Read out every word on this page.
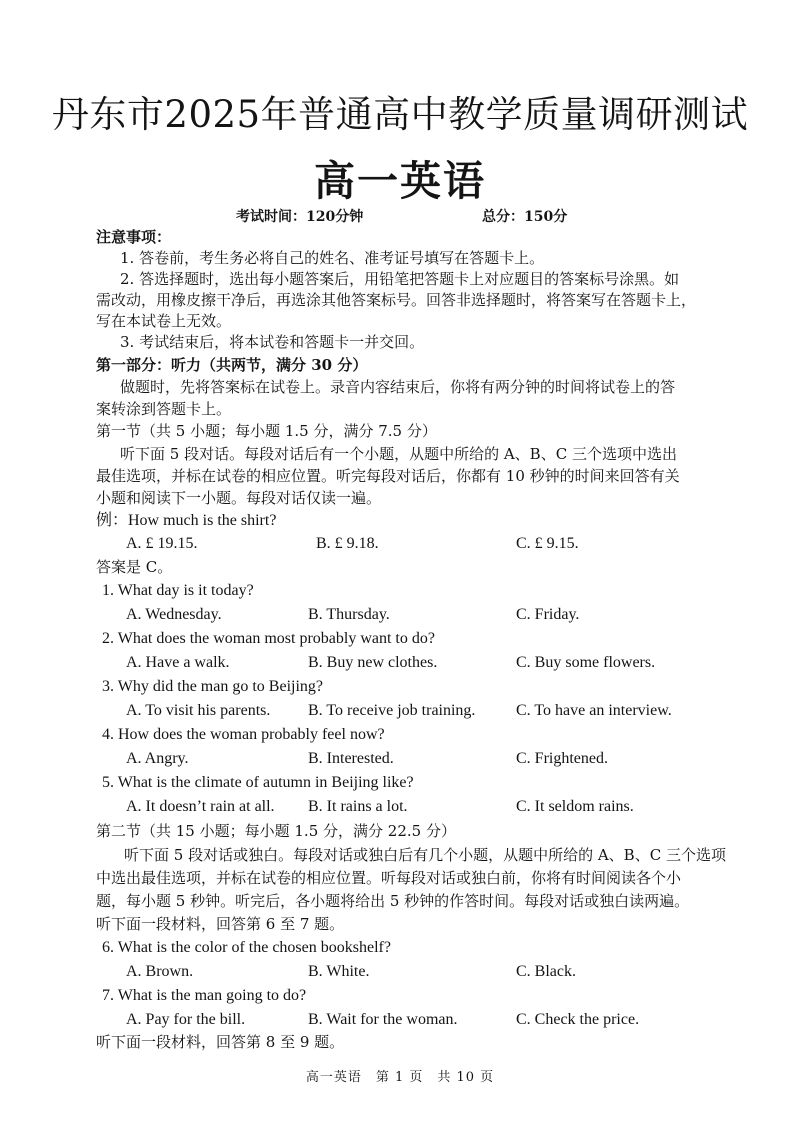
丹东市2025年普通高中教学质量调研测试
高一英语
考试时间：120分钟	总分：150分
注意事项：
1. 答卷前，考生务必将自己的姓名、准考证号填写在答题卡上。
2. 答选择题时，选出每小题答案后，用铅笔把答题卡上对应题目的答案标号涂黑。如
需改动，用橡皮擦干净后，再选涂其他答案标号。回答非选择题时，将答案写在答题卡上，
写在本试卷上无效。
3. 考试结束后，将本试卷和答题卡一并交回。
第一部分：听力（共两节，满分 30 分）
做题时，先将答案标在试卷上。录音内容结束后，你将有两分钟的时间将试卷上的答
案转涂到答题卡上。
第一节（共 5 小题；每小题 1.5 分，满分 7.5 分）
听下面 5 段对话。每段对话后有一个小题，从题中所给的 A、B、C 三个选项中选出
最佳选项，并标在试卷的相应位置。听完每段对话后，你都有 10 秒钟的时间来回答有关
小题和阅读下一小题。每段对话仅读一遍。
例：How much is the shirt?
A. £ 19.15.	B. £ 9.18.	C. £ 9.15.
答案是 C。
1. What day is it today?
A. Wednesday.	B. Thursday.	C. Friday.
2. What does the woman most probably want to do?
A. Have a walk.	B. Buy new clothes.	C. Buy some flowers.
3. Why did the man go to Beijing?
A. To visit his parents. B. To receive job training.	C. To have an interview.
4. How does the woman probably feel now?
A. Angry.	B. Interested.	C. Frightened.
5. What is the climate of autumn in Beijing like?
A. It doesn’t rain at all. B. It rains a lot.	C. It seldom rains.
第二节（共 15 小题；每小题 1.5 分，满分 22.5 分）
听下面 5 段对话或独白。每段对话或独白后有几个小题，从题中所给的 A、B、C 三个选项
中选出最佳选项，并标在试卷的相应位置。听每段对话或独白前，你将有时间阅读各个小
题，每小题 5 秒钟。听完后，各小题将给出 5 秒钟的作答时间。每段对话或独白读两遍。
听下面一段材料，回答第 6 至 7 题。
6. What is the color of the chosen bookshelf?
A. Brown.	B. White.	C. Black.
7. What is the man going to do?
A. Pay for the bill.	B. Wait for the woman.	C. Check the price.
听下面一段材料，回答第 8 至 9 题。
高一英语　第 1 页　共 10 页
